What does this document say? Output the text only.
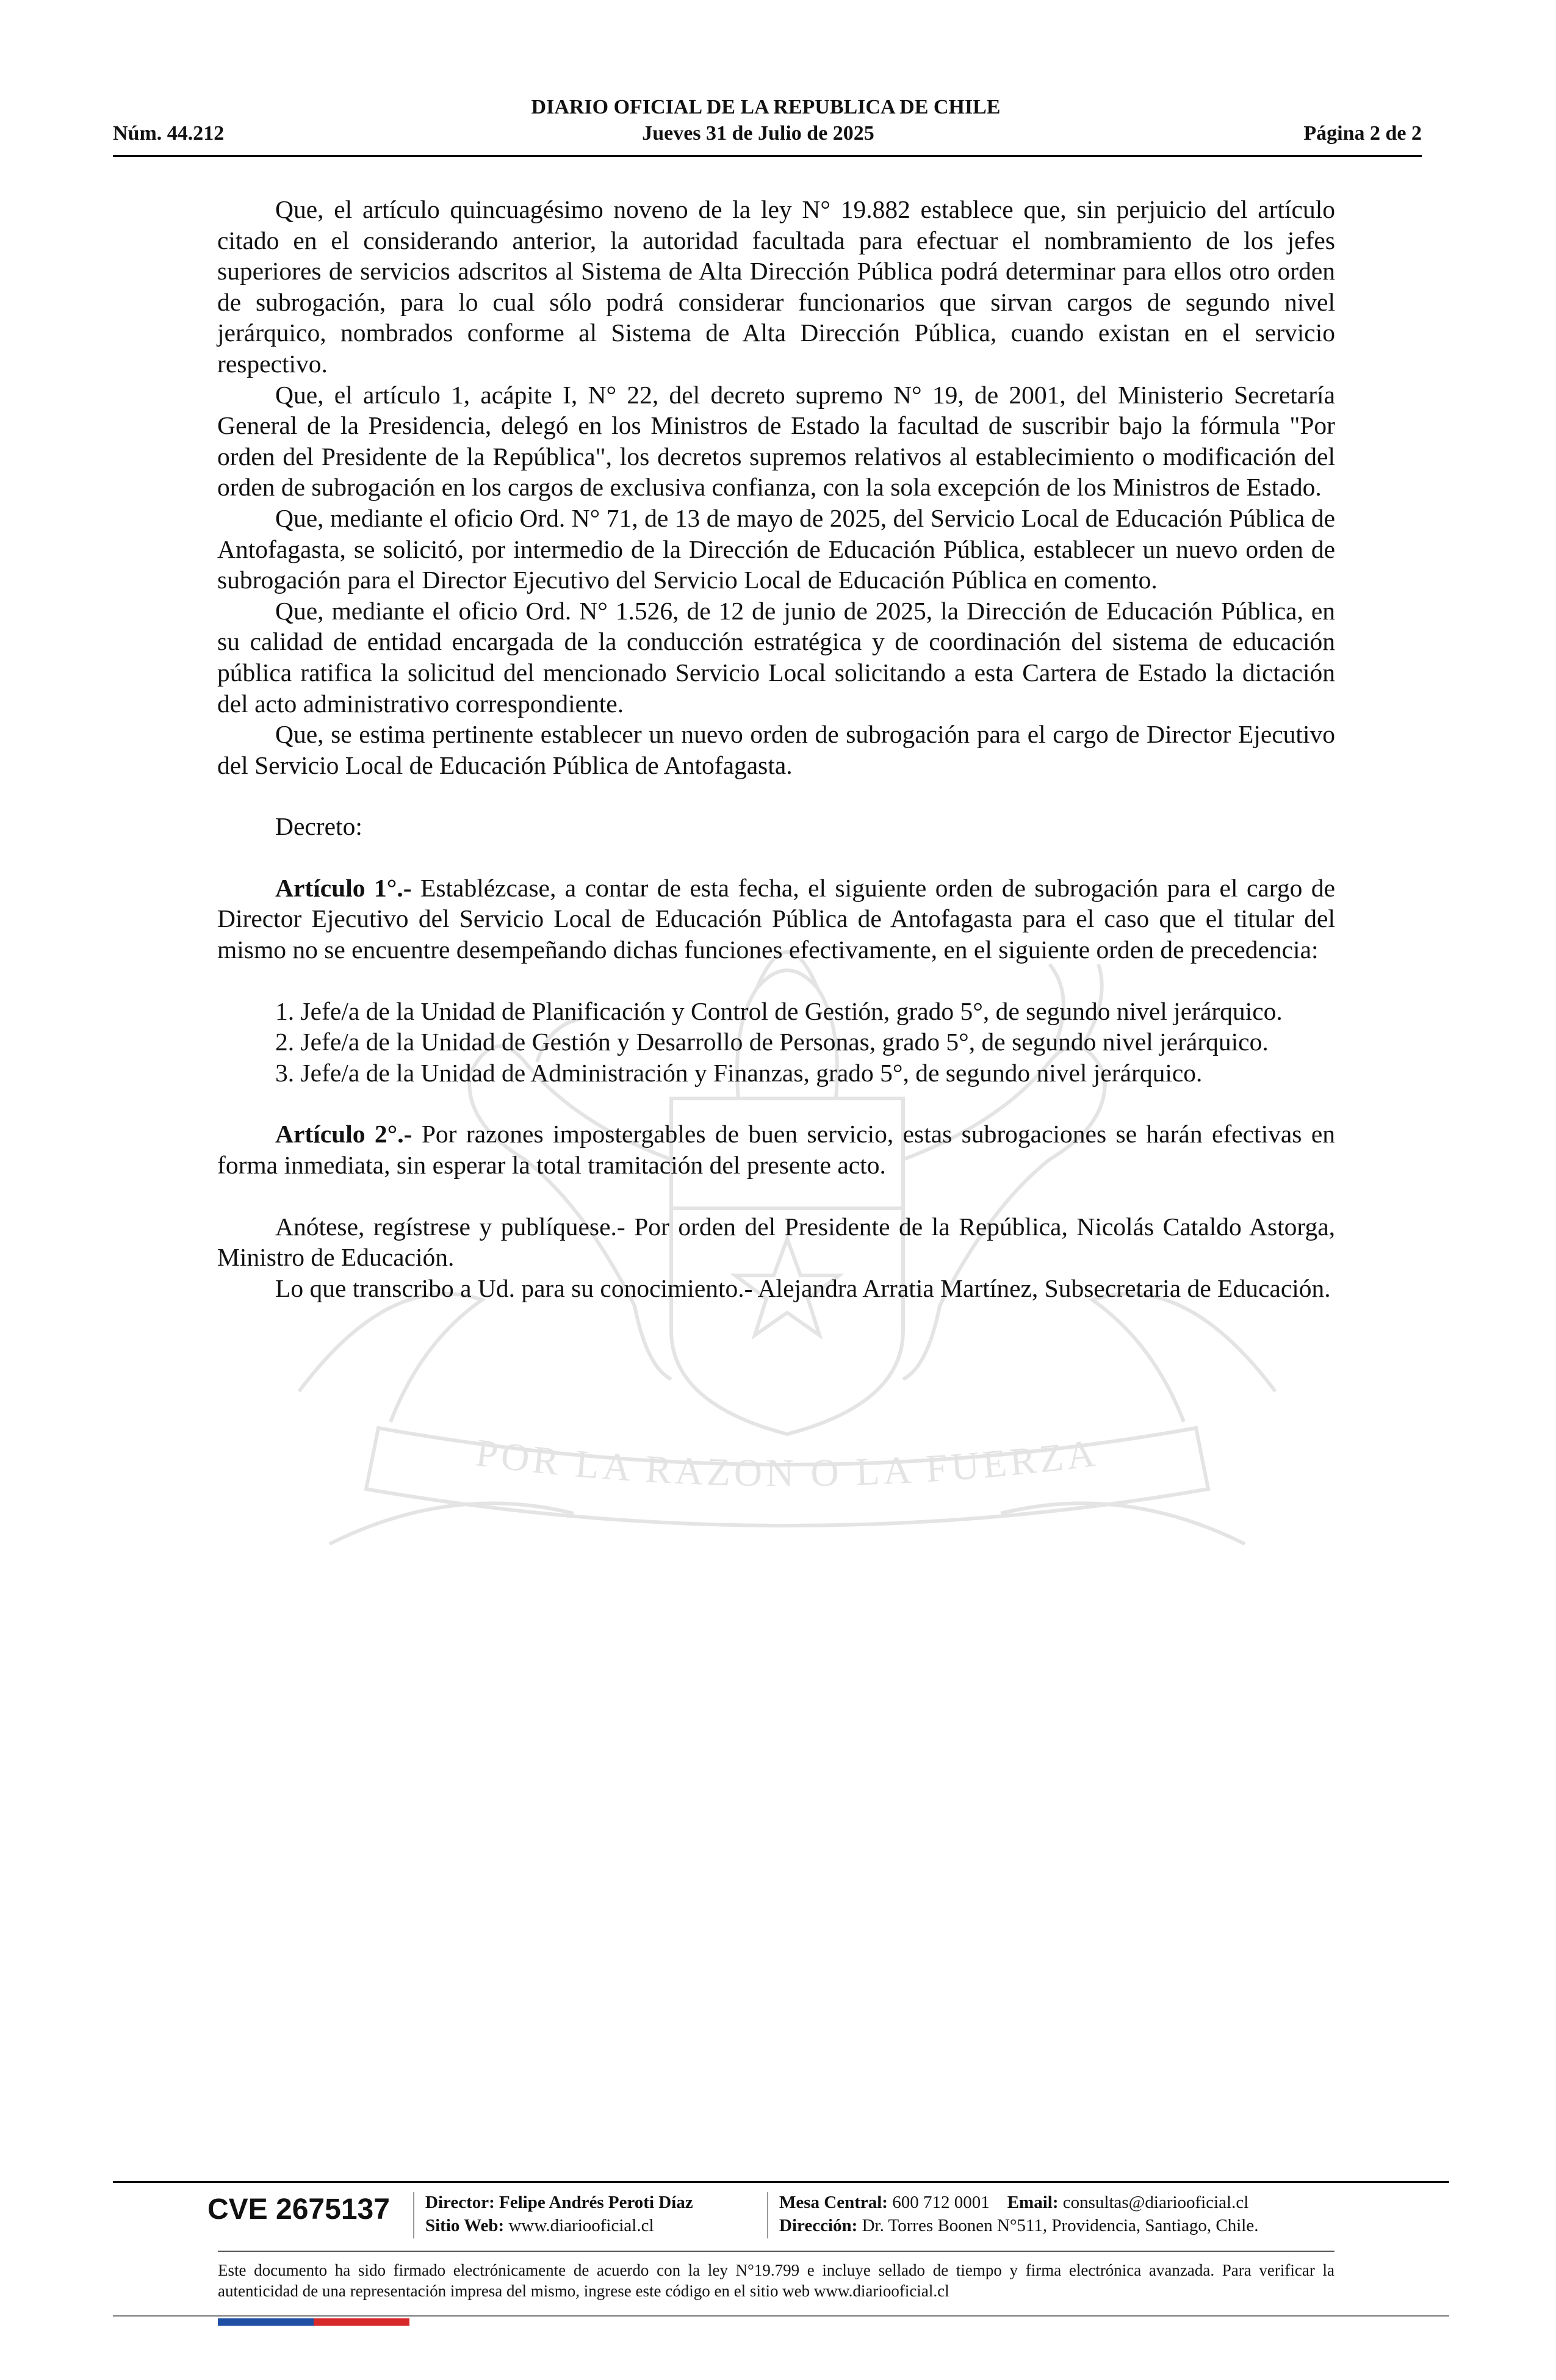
DIARIO OFICIAL DE LA REPUBLICA DE CHILE
Núm. 44.212	Jueves 31 de Julio de 2025	Página 2 de 2
POR LA RAZON O LA FUERZA

Que, el artículo quincuagésimo noveno de la ley N° 19.882 establece que, sin perjuicio del artículo citado en el considerando anterior, la autoridad facultada para efectuar el nombramiento de los jefes superiores de servicios adscritos al Sistema de Alta Dirección Pública podrá determinar para ellos otro orden de subrogación, para lo cual sólo podrá considerar funcionarios que sirvan cargos de segundo nivel jerárquico, nombrados conforme al Sistema de Alta Dirección Pública, cuando existan en el servicio respectivo.

Que, el artículo 1, acápite I, N° 22, del decreto supremo N° 19, de 2001, del Ministerio Secretaría General de la Presidencia, delegó en los Ministros de Estado la facultad de suscribir bajo la fórmula "Por orden del Presidente de la República", los decretos supremos relativos al establecimiento o modificación del orden de subrogación en los cargos de exclusiva confianza, con la sola excepción de los Ministros de Estado.

Que, mediante el oficio Ord. N° 71, de 13 de mayo de 2025, del Servicio Local de Educación Pública de Antofagasta, se solicitó, por intermedio de la Dirección de Educación Pública, establecer un nuevo orden de subrogación para el Director Ejecutivo del Servicio Local de Educación Pública en comento.

Que, mediante el oficio Ord. N° 1.526, de 12 de junio de 2025, la Dirección de Educación Pública, en su calidad de entidad encargada de la conducción estratégica y de coordinación del sistema de educación pública ratifica la solicitud del mencionado Servicio Local solicitando a esta Cartera de Estado la dictación del acto administrativo correspondiente.

Que, se estima pertinente establecer un nuevo orden de subrogación para el cargo de Director Ejecutivo del Servicio Local de Educación Pública de Antofagasta.

Decreto:

Artículo 1°.- Establézcase, a contar de esta fecha, el siguiente orden de subrogación para el cargo de Director Ejecutivo del Servicio Local de Educación Pública de Antofagasta para el caso que el titular del mismo no se encuentre desempeñando dichas funciones efectivamente, en el siguiente orden de precedencia:

1. Jefe/a de la Unidad de Planificación y Control de Gestión, grado 5°, de segundo nivel jerárquico.

2. Jefe/a de la Unidad de Gestión y Desarrollo de Personas, grado 5°, de segundo nivel jerárquico.

3. Jefe/a de la Unidad de Administración y Finanzas, grado 5°, de segundo nivel jerárquico.

Artículo 2°.- Por razones impostergables de buen servicio, estas subrogaciones se harán efectivas en forma inmediata, sin esperar la total tramitación del presente acto.

Anótese, regístrese y publíquese.- Por orden del Presidente de la República, Nicolás Cataldo Astorga, Ministro de Educación.

Lo que transcribo a Ud. para su conocimiento.- Alejandra Arratia Martínez, Subsecretaria de Educación.

CVE 2675137 Director: Felipe Andrés Peroti Díaz
Sitio Web: www.diariooficial.cl
Mesa Central: 600 712 0001 Email: consultas@diariooficial.cl
Dirección: Dr. Torres Boonen N°511, Providencia, Santiago, Chile.
Este documento ha sido firmado electrónicamente de acuerdo con la ley N°19.799 e incluye sellado de tiempo y firma electrónica avanzada. Para verificar la autenticidad de una representación impresa del mismo, ingrese este código en el sitio web www.diariooficial.cl
